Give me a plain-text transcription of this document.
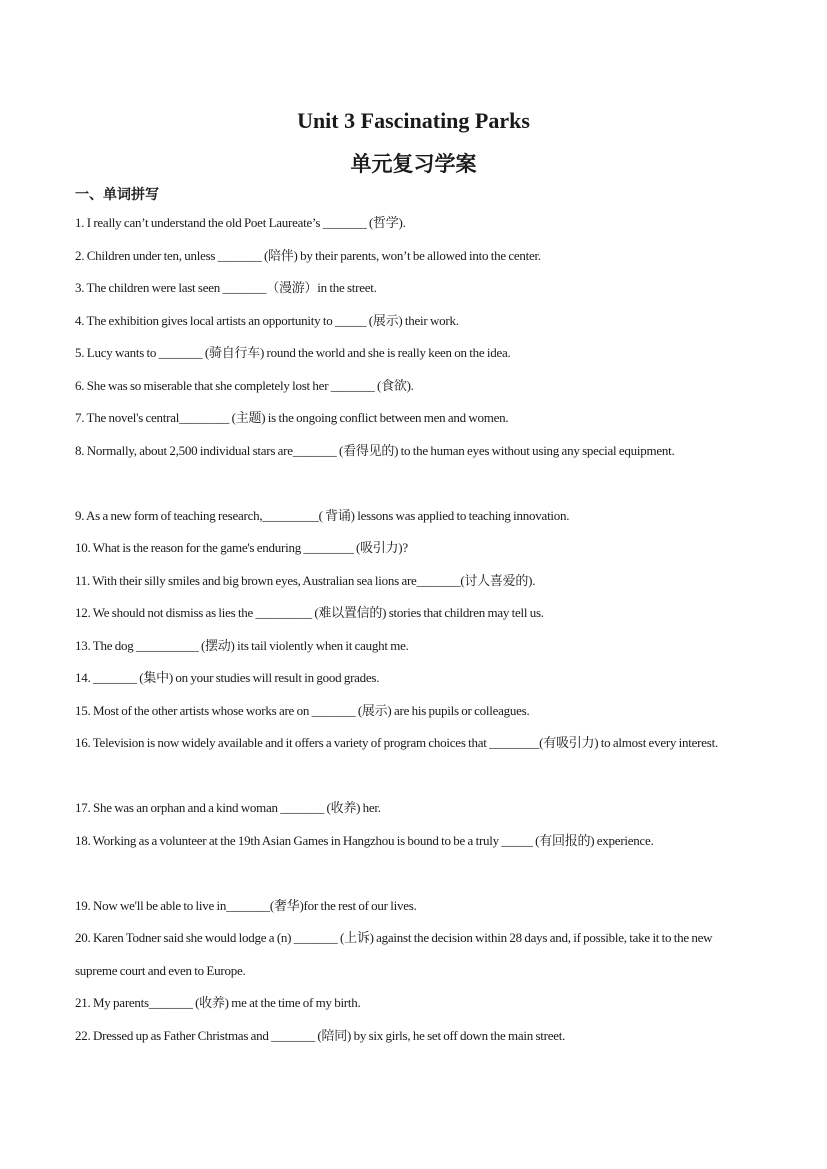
Unit 3 Fascinating Parks
单元复习学案
一、单词拼写

1. I really can’t understand the old Poet Laureate’s _______ (哲学).

2. Children under ten, unless _______ (陪伴) by their parents, won’t be allowed into the center.

3. The children were last seen _______（漫游）in the street.

4. The exhibition gives local artists an opportunity to _____ (展示) their work.

5. Lucy wants to _______ (骑自行车) round the world and she is really keen on the idea.

6. She was so miserable that she completely lost her _______ (食欲).

7. The novel's central________ (主题) is the ongoing conflict between men and women.

8. Normally, about 2,500 individual stars are_______ (看得见的) to the human eyes without using any special equipment.

9. As a new form of teaching research,_________( 背诵) lessons was applied to teaching innovation.

10. What is the reason for the game's enduring ________ (吸引力)?

11. With their silly smiles and big brown eyes, Australian sea lions are_______(讨人喜爱的).

12. We should not dismiss as lies the _________ (难以置信的) stories that children may tell us.

13. The dog __________ (摆动) its tail violently when it caught me.

14. _______ (集中) on your studies will result in good grades.

15. Most of the other artists whose works are on _______ (展示) are his pupils or colleagues.

16. Television is now widely available and it offers a variety of program choices that ________(有吸引力) to almost every interest.

17. She was an orphan and a kind woman _______ (收养) her.

18. Working as a volunteer at the 19th Asian Games in Hangzhou is bound to be a truly _____ (有回报的) experience.

19. Now we'll be able to live in_______(奢华)for the rest of our lives.

20. Karen Todner said she would lodge a (n) _______ (上诉) against the decision within 28 days and, if possible, take it to the new supreme court and even to Europe.

21. My parents_______ (收养) me at the time of my birth.

22. Dressed up as Father Christmas and _______ (陪同) by six girls, he set off down the main street.
